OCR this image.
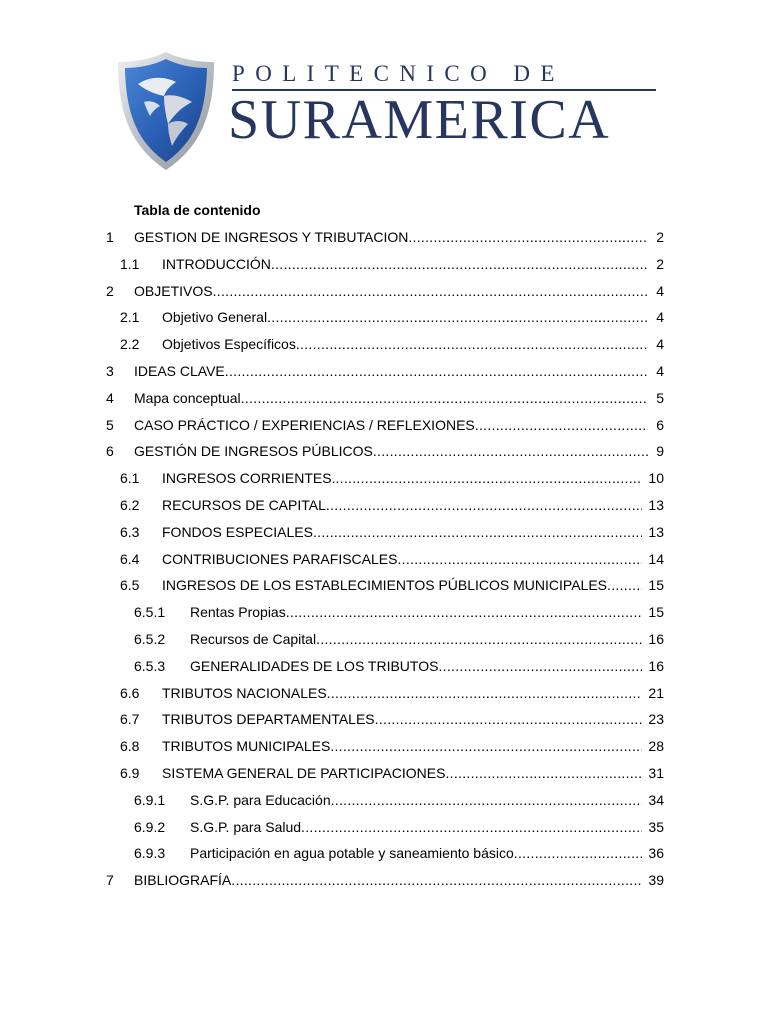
POLITECNICO DE
SURAMERICA
Tabla de contenido
1 GESTION DE INGRESOS Y TRIBUTACION .....	2
1.1 INTRODUCCIÓN .....	2
2 OBJETIVOS .....	4
2.1 Objetivo General .....	4
2.2 Objetivos Específicos .....	4
3 IDEAS CLAVE .....	4
4 Mapa conceptual .....	5
5 CASO PRÁCTICO / EXPERIENCIAS / REFLEXIONES .....	6
6 GESTIÓN DE INGRESOS PÚBLICOS .....	9
6.1 INGRESOS CORRIENTES. .....	10
6.2 RECURSOS DE CAPITAL .....	13
6.3 FONDOS ESPECIALES .....	13
6.4 CONTRIBUCIONES PARAFISCALES .....	14
6.5 INGRESOS DE LOS ESTABLECIMIENTOS PÚBLICOS MUNICIPALES .....	15
6.5.1 Rentas Propias .....	15
6.5.2 Recursos de Capital .....	16
6.5.3 GENERALIDADES DE LOS TRIBUTOS .....	16
6.6 TRIBUTOS NACIONALES .....	21
6.7 TRIBUTOS DEPARTAMENTALES .....	23
6.8 TRIBUTOS MUNICIPALES .....	28
6.9 SISTEMA GENERAL DE PARTICIPACIONES .....	31
6.9.1 S.G.P. para Educación .....	34
6.9.2 S.G.P. para Salud .....	35
6.9.3 Participación en agua potable y saneamiento básico .....	36
7 BIBLIOGRAFÍA .....	39
